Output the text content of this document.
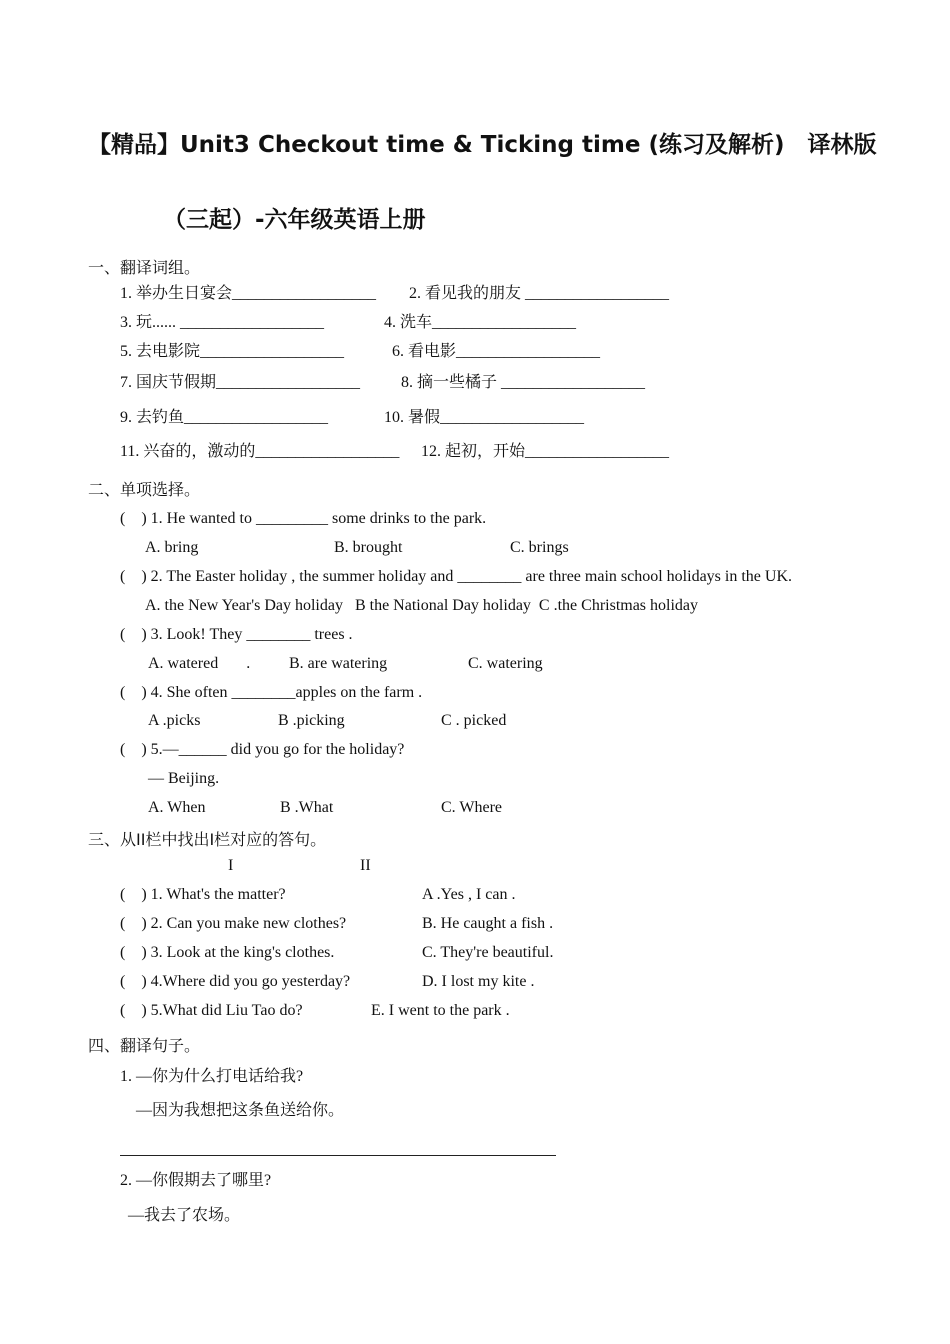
【精品】Unit3 Checkout time & Ticking time (练习及解析)　译林版
（三起）-六年级英语上册
一、翻译词组。
1. 举办生日宴会__________________ 2. 看见我的朋友 __________________
3. 玩...... __________________	4. 洗车__________________
5. 去电影院__________________	6. 看电影__________________
7. 国庆节假期__________________	8. 摘一些橘子 __________________
9. 去钓鱼__________________	10. 暑假__________________
11. 兴奋的，激动的__________________ 12. 起初，开始__________________
二、单项选择。
(    ) 1. He wanted to _________ some drinks to the park.
A. bring	B. brought	C. brings
(    ) 2. The Easter holiday , the summer holiday and ________ are three main school holidays in the UK.
A. the New Year's Day holiday   B the National Day holiday  C .the Christmas holiday
(    ) 3. Look! They ________ trees .
A. watered       . B. are watering	C. watering
(    ) 4. She often ________apples on the farm .
A .picks	B .picking	C . picked
(    ) 5.—______ did you go for the holiday?
— Beijing.
A. When	B .What	C. Where
三、从II栏中找出I栏对应的答句。
I	II
(    ) 1. What's the matter?	A .Yes , I can .
(    ) 2. Can you make new clothes?	B. He caught a fish .
(    ) 3. Look at the king's clothes.	C. They're beautiful.
(    ) 4.Where did you go yesterday?	D. I lost my kite .
(    ) 5.What did Liu Tao do?	E. I went to the park .
四、翻译句子。
1. —你为什么打电话给我?
—因为我想把这条鱼送给你。
2. —你假期去了哪里?
—我去了农场。
